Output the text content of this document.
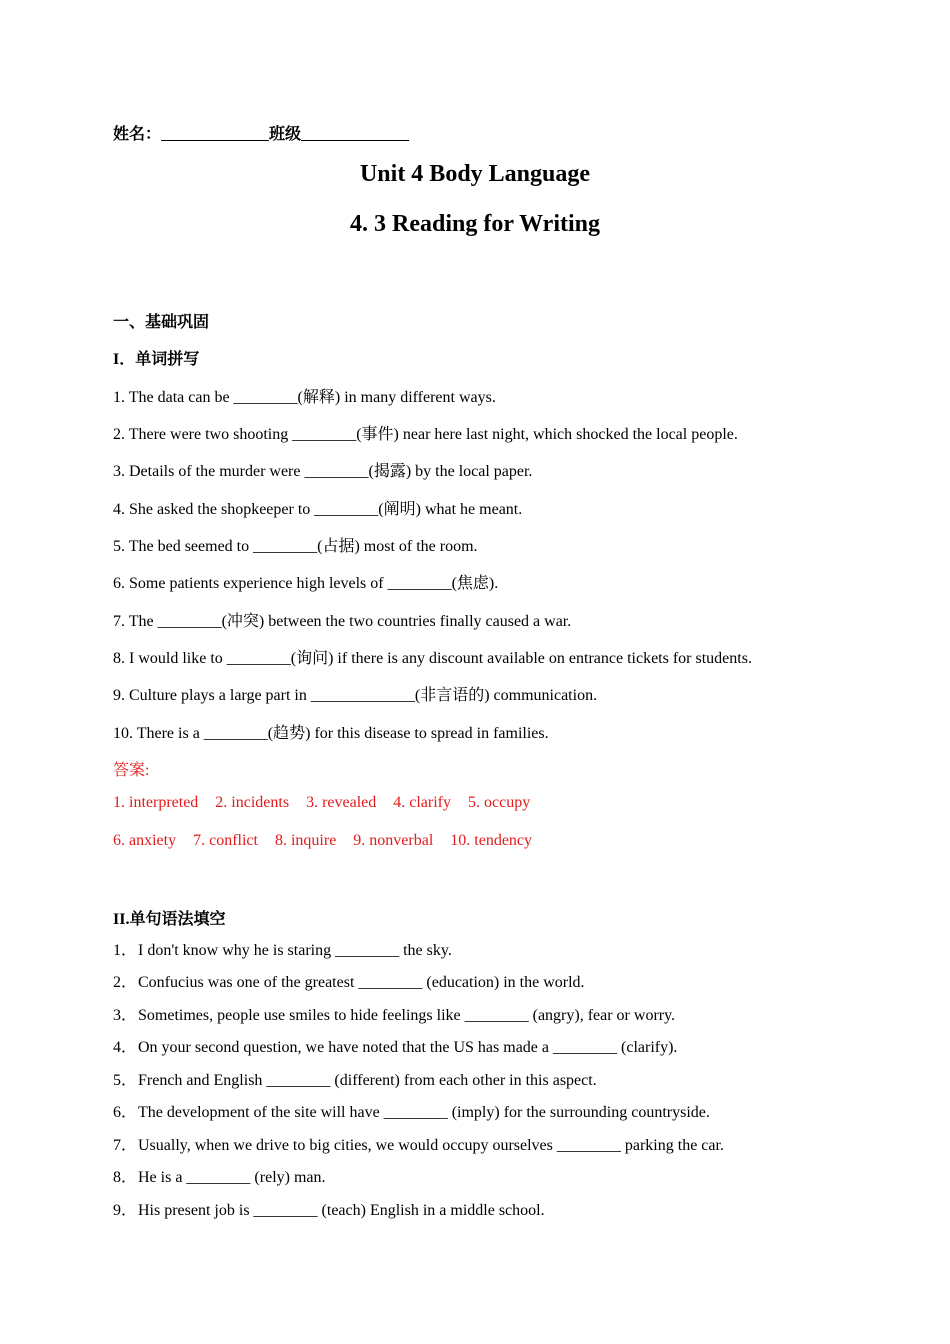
姓名：	班级
Unit 4 Body Language
4. 3 Reading for Writing
一、基础巩固
I．单词拼写
1. The data can be ________(解释) in many different ways.
2. There were two shooting ________(事件) near here last night, which shocked the local people.
3. Details of the murder were ________(揭露) by the local paper.
4. She asked the shopkeeper to ________(阐明) what he meant.
5. The bed seemed to ________(占据) most of the room.
6. Some patients experience high levels of ________(焦虑).
7. The ________(冲突) between the two countries finally caused a war.
8. I would like to ________(询问) if there is any discount available on entrance tickets for students.
9. Culture plays a large part in _____________(非言语的) communication.
10. There is a ________(趋势) for this disease to spread in families.
答案:
1. interpreted 2. incidents 3. revealed 4. clarify 5. occupy
6. anxiety 7. conflict 8. inquire 9. nonverbal 10. tendency
II.单句语法填空
1．I don't know why he is staring ________ the sky.
2．Confucius was one of the greatest ________ (education) in the world.
3．Sometimes, people use smiles to hide feelings like ________ (angry), fear or worry.
4．On your second question, we have noted that the US has made a ________ (clarify).
5．French and English ________ (different) from each other in this aspect.
6．The development of the site will have ________ (imply) for the surrounding countryside.
7．Usually, when we drive to big cities, we would occupy ourselves ________ parking the car.
8．He is a ________ (rely) man.
9．His present job is ________ (teach) English in a middle school.
